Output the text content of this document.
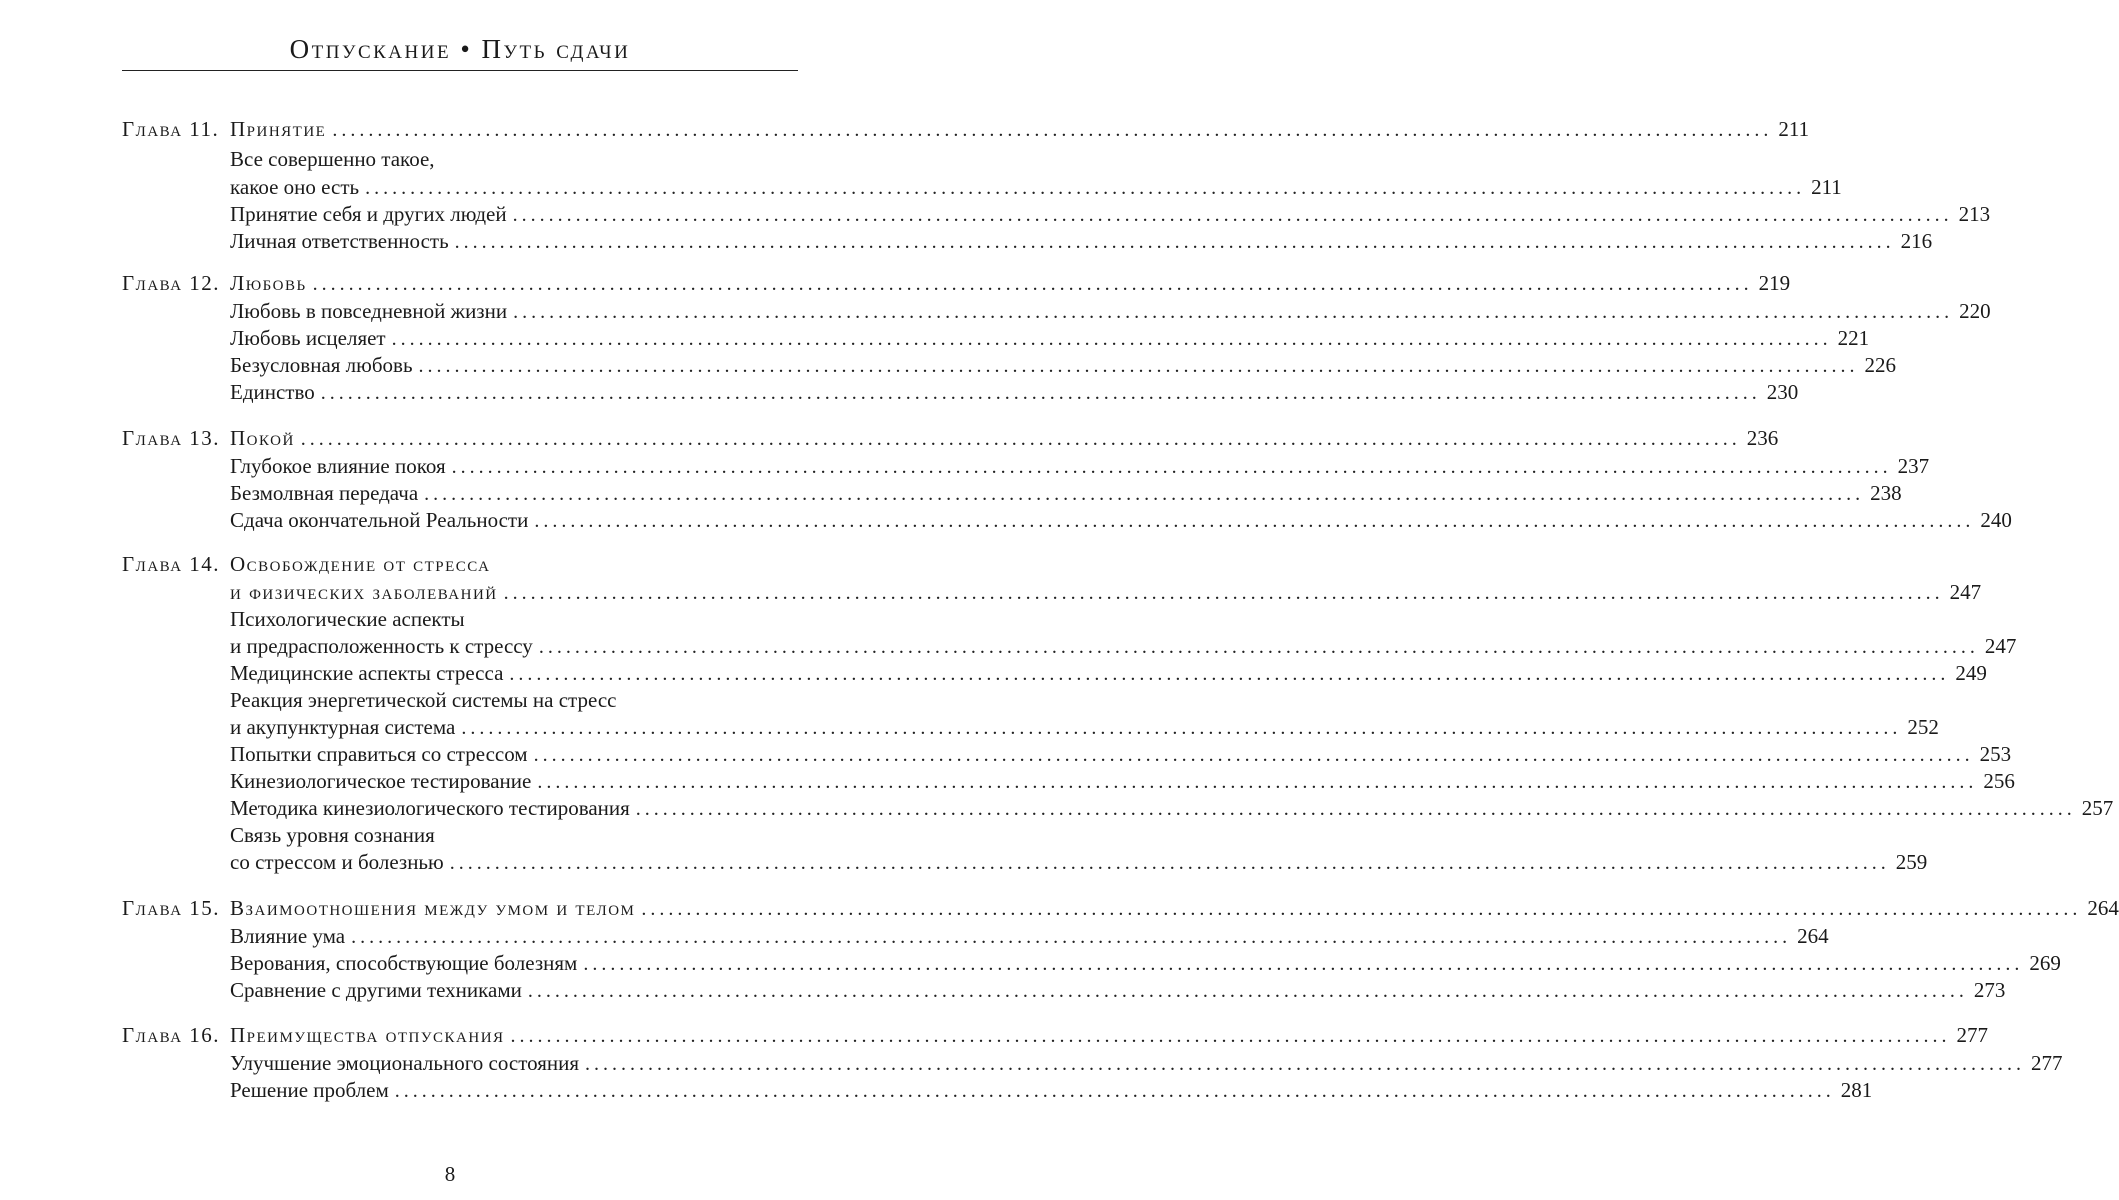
Отпускание • Путь сдачи
Глава 11. Принятие ................................................................................................................................................................ 211
Все совершенно такое,
какое оно есть ................................................................................................................................................................ 211
Принятие себя и других людей ................................................................................................................................................................ 213
Личная ответственность ................................................................................................................................................................ 216
Глава 12. Любовь ................................................................................................................................................................ 219
Любовь в повседневной жизни ................................................................................................................................................................ 220
Любовь исцеляет ................................................................................................................................................................ 221
Безусловная любовь ................................................................................................................................................................ 226
Единство ................................................................................................................................................................ 230
Глава 13. Покой ................................................................................................................................................................ 236
Глубокое влияние покоя ................................................................................................................................................................ 237
Безмолвная передача ................................................................................................................................................................ 238
Сдача окончательной Реальности ................................................................................................................................................................ 240
Глава 14. Освобождение от стресса
и физических заболеваний ................................................................................................................................................................ 247
Психологические аспекты
и предрасположенность к стрессу ................................................................................................................................................................ 247
Медицинские аспекты стресса ................................................................................................................................................................ 249
Реакция энергетической системы на стресс
и акупунктурная система ................................................................................................................................................................ 252
Попытки справиться со стрессом ................................................................................................................................................................ 253
Кинезиологическое тестирование ................................................................................................................................................................ 256
Методика кинезиологического тестирования ................................................................................................................................................................ 257
Связь уровня сознания
со стрессом и болезнью ................................................................................................................................................................ 259
Глава 15. Взаимоотношения между умом и телом ................................................................................................................................................................ 264
Влияние ума ................................................................................................................................................................ 264
Верования, способствующие болезням ................................................................................................................................................................ 269
Сравнение с другими техниками ................................................................................................................................................................ 273
Глава 16. Преимущества отпускания ................................................................................................................................................................ 277
Улучшение эмоционального состояния ................................................................................................................................................................ 277
Решение проблем ................................................................................................................................................................ 281
8
